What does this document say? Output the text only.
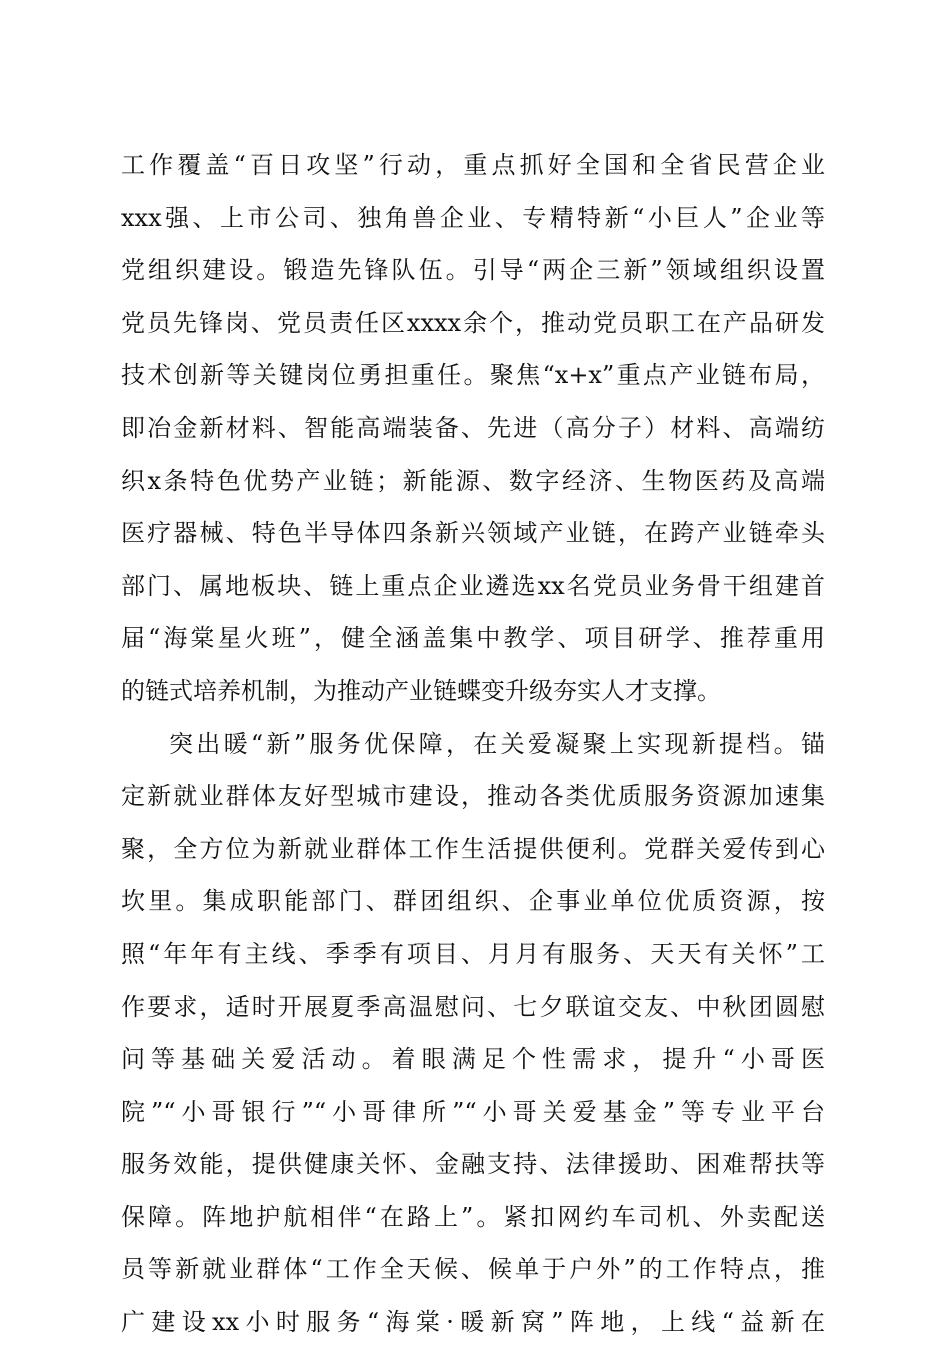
工作覆盖“百日攻坚”行动，重点抓好全国和全省民营企业
xxx强、上市公司、独角兽企业、专精特新“小巨人”企业等
党组织建设。锻造先锋队伍。引导“两企三新”领域组织设置
党员先锋岗、党员责任区xxxx余个，推动党员职工在产品研发
技术创新等关键岗位勇担重任。聚焦“x+x”重点产业链布局，
即冶金新材料、智能高端装备、先进（高分子）材料、高端纺
织x条特色优势产业链；新能源、数字经济、生物医药及高端
医疗器械、特色半导体四条新兴领域产业链，在跨产业链牵头
部门、属地板块、链上重点企业遴选xx名党员业务骨干组建首
届“海棠星火班”，健全涵盖集中教学、项目研学、推荐重用
的链式培养机制，为推动产业链蝶变升级夯实人才支撑。
突出暖“新”服务优保障，在关爱凝聚上实现新提档。锚
定新就业群体友好型城市建设，推动各类优质服务资源加速集
聚，全方位为新就业群体工作生活提供便利。党群关爱传到心
坎里。集成职能部门、群团组织、企事业单位优质资源，按
照“年年有主线、季季有项目、月月有服务、天天有关怀”工
作要求，适时开展夏季高温慰问、七夕联谊交友、中秋团圆慰
问等基础关爱活动。着眼满足个性需求，提升“小哥医
院”“小哥银行”“小哥律所”“小哥关爱基金”等专业平台
服务效能，提供健康关怀、金融支持、法律援助、困难帮扶等
保障。阵地护航相伴“在路上”。紧扣网约车司机、外卖配送
员等新就业群体“工作全天候、候单于户外”的工作特点，推
广建设xx小时服务“海棠·暖新窝”阵地，上线“益新在
